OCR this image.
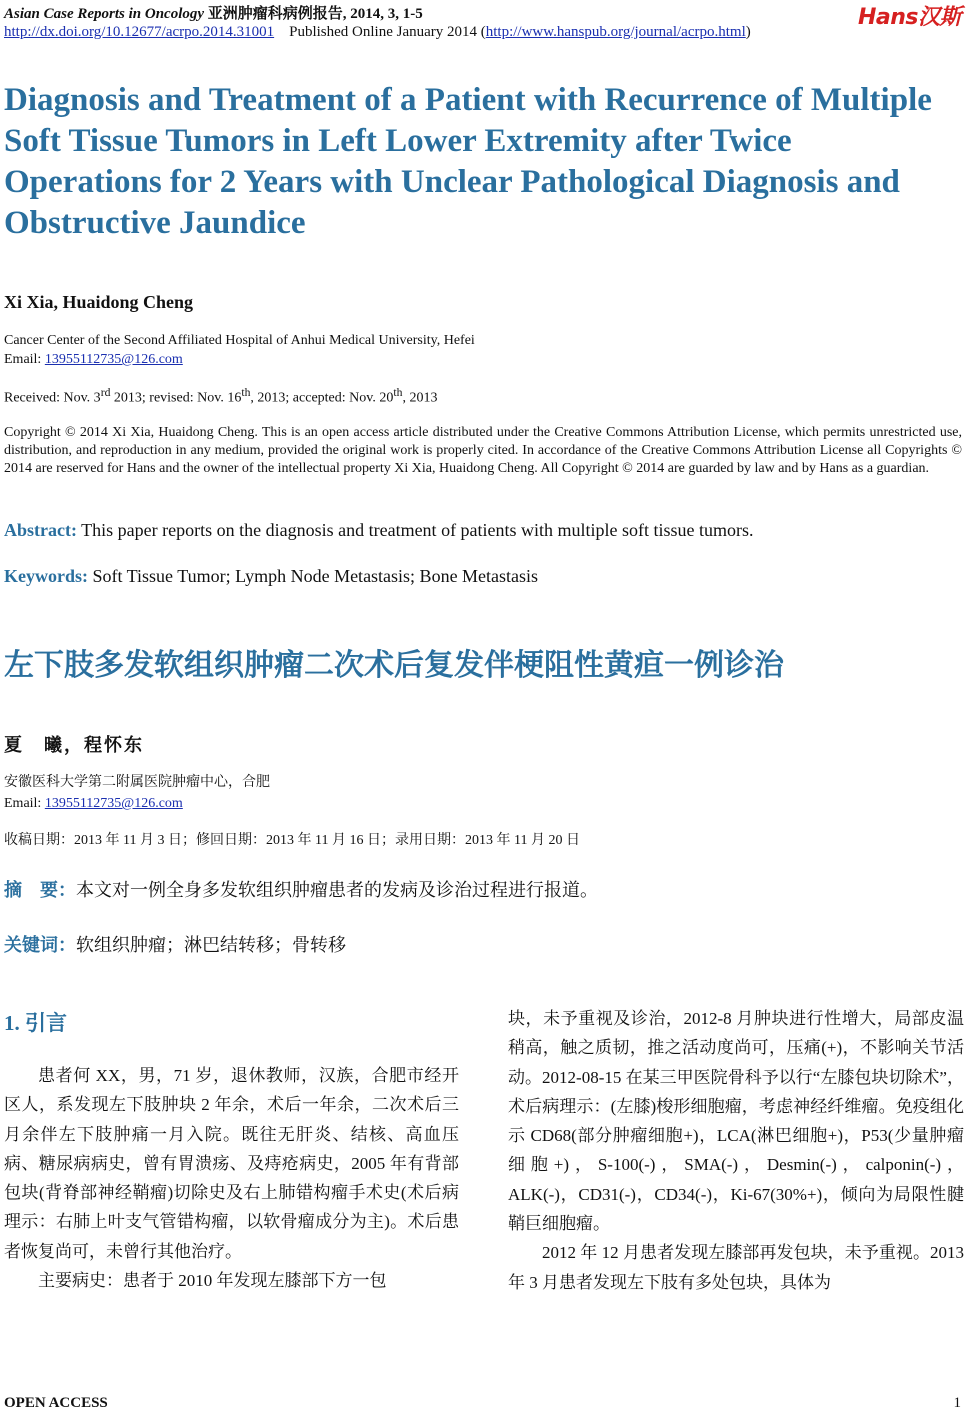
Asian Case Reports in Oncology 亚洲肿瘤科病例报告, 2014, 3, 1-5	Hans汉斯
http://dx.doi.org/10.12677/acrpo.2014.31001 Published Online January 2014 (http://www.hanspub.org/journal/acrpo.html)
Diagnosis and Treatment of a Patient with Recurrence of Multiple Soft Tissue Tumors in Left Lower Extremity after Twice Operations for 2 Years with Unclear Pathological Diagnosis and Obstructive Jaundice
Xi Xia, Huaidong Cheng
Cancer Center of the Second Affiliated Hospital of Anhui Medical University, Hefei
Email: 13955112735@126.com
Received: Nov. 3rd 2013; revised: Nov. 16th, 2013; accepted: Nov. 20th, 2013
Copyright © 2014 Xi Xia, Huaidong Cheng. This is an open access article distributed under the Creative Commons Attribution License, which permits unrestricted use, distribution, and reproduction in any medium, provided the original work is properly cited. In accordance of the Creative Commons Attribution License all Copyrights © 2014 are reserved for Hans and the owner of the intellectual property Xi Xia, Huaidong Cheng. All Copyright © 2014 are guarded by law and by Hans as a guardian.
Abstract: This paper reports on the diagnosis and treatment of patients with multiple soft tissue tumors.
Keywords: Soft Tissue Tumor; Lymph Node Metastasis; Bone Metastasis
左下肢多发软组织肿瘤二次术后复发伴梗阻性黄疸一例诊治
夏　曦，程怀东
安徽医科大学第二附属医院肿瘤中心，合肥
Email: 13955112735@126.com
收稿日期：2013 年 11 月 3 日；修回日期：2013 年 11 月 16 日；录用日期：2013 年 11 月 20 日
摘　要：本文对一例全身多发软组织肿瘤患者的发病及诊治过程进行报道。
关键词：软组织肿瘤；淋巴结转移；骨转移
1. 引言

患者何 XX，男，71 岁，退休教师，汉族，合肥市经开区人，系发现左下肢肿块 2 年余，术后一年余，二次术后三月余伴左下肢肿痛一月入院。既往无肝炎、结核、高血压病、糖尿病病史，曾有胃溃疡、及痔疮病史，2005 年有背部包块(背脊部神经鞘瘤)切除史及右上肺错构瘤手术史(术后病理示：右肺上叶支气管错构瘤，以软骨瘤成分为主)。术后患者恢复尚可，未曾行其他治疗。

主要病史：患者于 2010 年发现左膝部下方一包

块，未予重视及诊治，2012-8 月肿块进行性增大，局部皮温稍高，触之质韧，推之活动度尚可，压痛(+)，不影响关节活动。2012-08-15 在某三甲医院骨科予以行“左膝包块切除术”，术后病理示：(左膝)梭形细胞瘤，考虑神经纤维瘤。免疫组化示 CD68(部分肿瘤细胞+)，LCA(淋巴细胞+)，P53(少量肿瘤细胞+)，S-100(-)，SMA(-)，Desmin(-)，calponin(-)，ALK(-)，CD31(-)，CD34(-)，Ki-67(30%+)，倾向为局限性腱鞘巨细胞瘤。

2012 年 12 月患者发现左膝部再发包块，未予重视。2013 年 3 月患者发现左下肢有多处包块，具体为

OPEN ACCESS	1
